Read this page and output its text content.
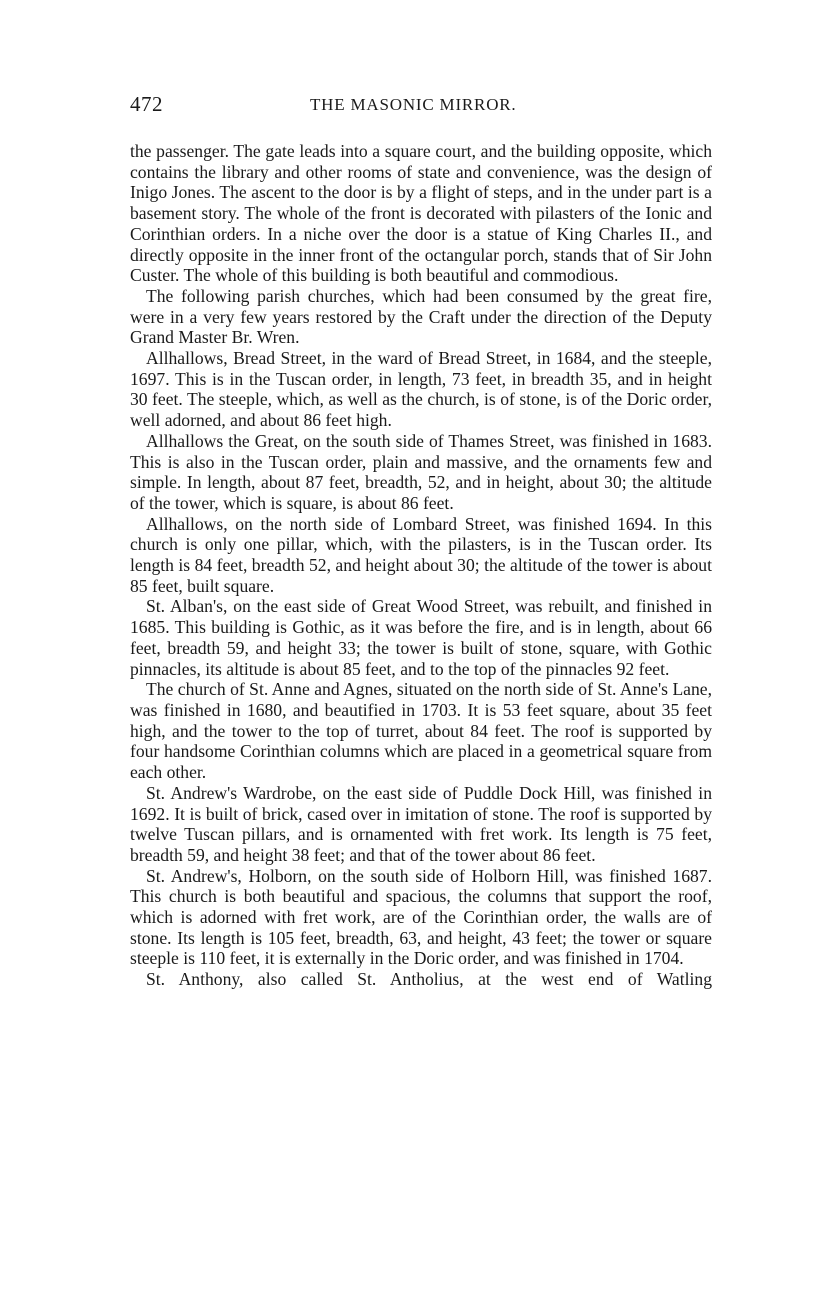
472	THE MASONIC MIRROR.

the passenger. The gate leads into a square court, and the building opposite, which contains the library and other rooms of state and convenience, was the design of Inigo Jones. The ascent to the door is by a flight of steps, and in the under part is a basement story. The whole of the front is decorated with pilasters of the Ionic and Corinthian orders. In a niche over the door is a statue of King Charles II., and directly opposite in the inner front of the octangular porch, stands that of Sir John Custer. The whole of this building is both beautiful and commodious.

The following parish churches, which had been consumed by the great fire, were in a very few years restored by the Craft under the direction of the Deputy Grand Master Br. Wren.

Allhallows, Bread Street, in the ward of Bread Street, in 1684, and the steeple, 1697. This is in the Tuscan order, in length, 73 feet, in breadth 35, and in height 30 feet. The steeple, which, as well as the church, is of stone, is of the Doric order, well adorned, and about 86 feet high.

Allhallows the Great, on the south side of Thames Street, was finished in 1683. This is also in the Tuscan order, plain and massive, and the ornaments few and simple. In length, about 87 feet, breadth, 52, and in height, about 30; the altitude of the tower, which is square, is about 86 feet.

Allhallows, on the north side of Lombard Street, was finished 1694. In this church is only one pillar, which, with the pilasters, is in the Tuscan order. Its length is 84 feet, breadth 52, and height about 30; the altitude of the tower is about 85 feet, built square.

St. Alban's, on the east side of Great Wood Street, was rebuilt, and finished in 1685. This building is Gothic, as it was before the fire, and is in length, about 66 feet, breadth 59, and height 33; the tower is built of stone, square, with Gothic pinnacles, its altitude is about 85 feet, and to the top of the pinnacles 92 feet.

The church of St. Anne and Agnes, situated on the north side of St. Anne's Lane, was finished in 1680, and beautified in 1703. It is 53 feet square, about 35 feet high, and the tower to the top of turret, about 84 feet. The roof is supported by four handsome Corinthian columns which are placed in a geometrical square from each other.

St. Andrew's Wardrobe, on the east side of Puddle Dock Hill, was finished in 1692. It is built of brick, cased over in imitation of stone. The roof is supported by twelve Tuscan pillars, and is ornamented with fret work. Its length is 75 feet, breadth 59, and height 38 feet; and that of the tower about 86 feet.

St. Andrew's, Holborn, on the south side of Holborn Hill, was finished 1687. This church is both beautiful and spacious, the columns that support the roof, which is adorned with fret work, are of the Corinthian order, the walls are of stone. Its length is 105 feet, breadth, 63, and height, 43 feet; the tower or square steeple is 110 feet, it is externally in the Doric order, and was finished in 1704.

St. Anthony, also called St. Antholius, at the west end of Watling
